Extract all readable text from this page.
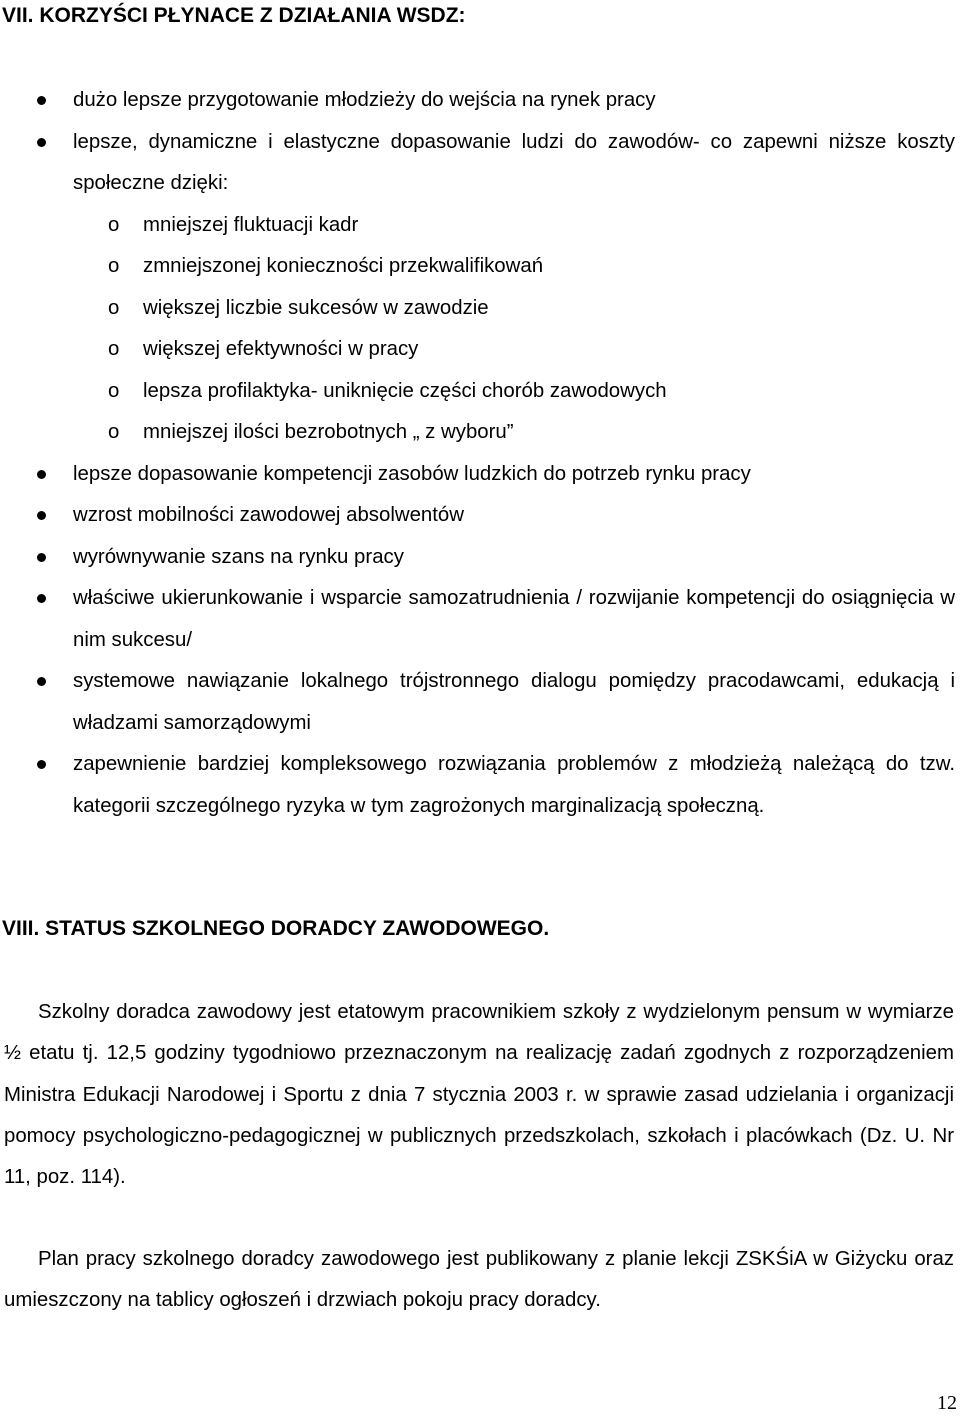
VII. KORZYŚCI PŁYNACE Z DZIAŁANIA WSDZ:
dużo lepsze przygotowanie młodzieży do wejścia na rynek pracy
lepsze, dynamiczne i elastyczne dopasowanie ludzi do zawodów- co zapewni niższe koszty społeczne dzięki:
o mniejszej fluktuacji kadr
o zmniejszonej konieczności przekwalifikowań
o większej liczbie sukcesów w zawodzie
o większej efektywności w pracy
o lepsza profilaktyka- uniknięcie części chorób zawodowych
o mniejszej ilości bezrobotnych „ z wyboru”
lepsze dopasowanie kompetencji zasobów ludzkich do potrzeb rynku pracy
wzrost mobilności zawodowej absolwentów
wyrównywanie szans na rynku pracy
właściwe ukierunkowanie i wsparcie samozatrudnienia / rozwijanie kompetencji do osiągnięcia w nim sukcesu/
systemowe nawiązanie lokalnego trójstronnego dialogu pomiędzy pracodawcami, edukacją i władzami samorządowymi
zapewnienie bardziej kompleksowego rozwiązania problemów z młodzieżą należącą do tzw. kategorii szczególnego ryzyka w tym zagrożonych marginalizacją społeczną.
VIII. STATUS SZKOLNEGO DORADCY ZAWODOWEGO.

Szkolny doradca zawodowy jest etatowym pracownikiem szkoły z wydzielonym pensum w wymiarze ½ etatu tj. 12,5 godziny tygodniowo przeznaczonym na realizację zadań zgodnych z rozporządzeniem Ministra Edukacji Narodowej i Sportu z dnia 7 stycznia 2003 r. w sprawie zasad udzielania i organizacji pomocy psychologiczno-pedagogicznej w publicznych przedszkolach, szkołach i placówkach (Dz. U. Nr 11, poz. 114).

Plan pracy szkolnego doradcy zawodowego jest publikowany z planie lekcji ZSKŚiA w Giżycku oraz umieszczony na tablicy ogłoszeń i drzwiach pokoju pracy doradcy.

12
